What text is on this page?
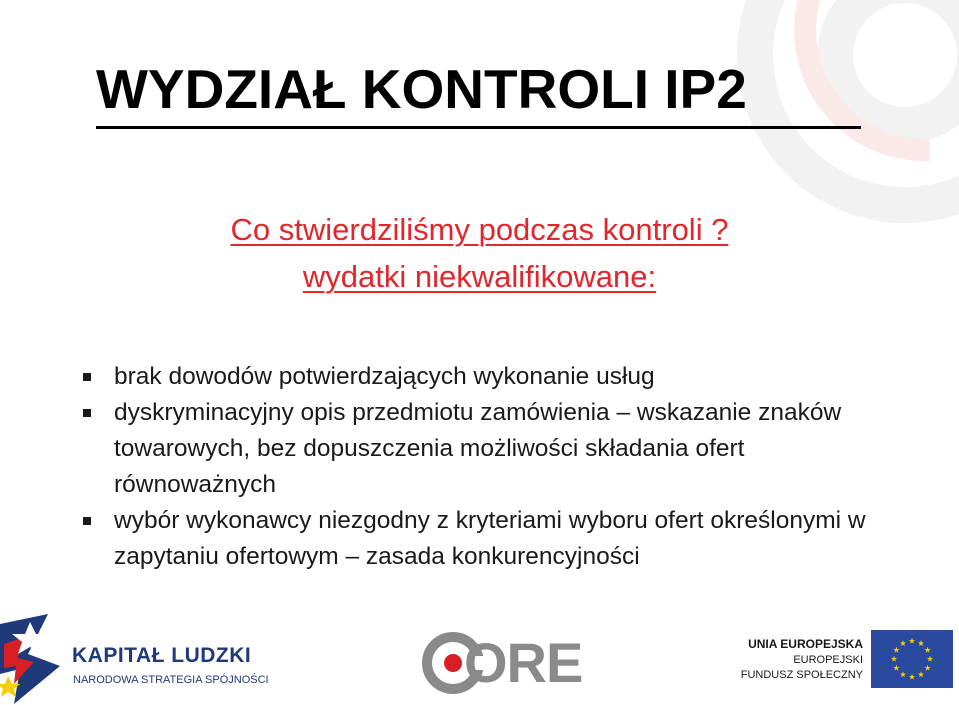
WYDZIAŁ KONTROLI IP2
Co stwierdziliśmy podczas kontroli ?
wydatki niekwalifikowane:
brak dowodów potwierdzających wykonanie usług
dyskryminacyjny opis przedmiotu zamówienia – wskazanie znaków towarowych, bez dopuszczenia możliwości składania ofert równoważnych
wybór wykonawcy niezgodny z kryteriami wyboru ofert określonymi w zapytaniu ofertowym – zasada konkurencyjności
KAPITAŁ LUDZKI
NARODOWA STRATEGIA SPÓJNOŚCI	ORE	UNIA EUROPEJSKA
EUROPEJSKI
FUNDUSZ SPOŁECZNY
